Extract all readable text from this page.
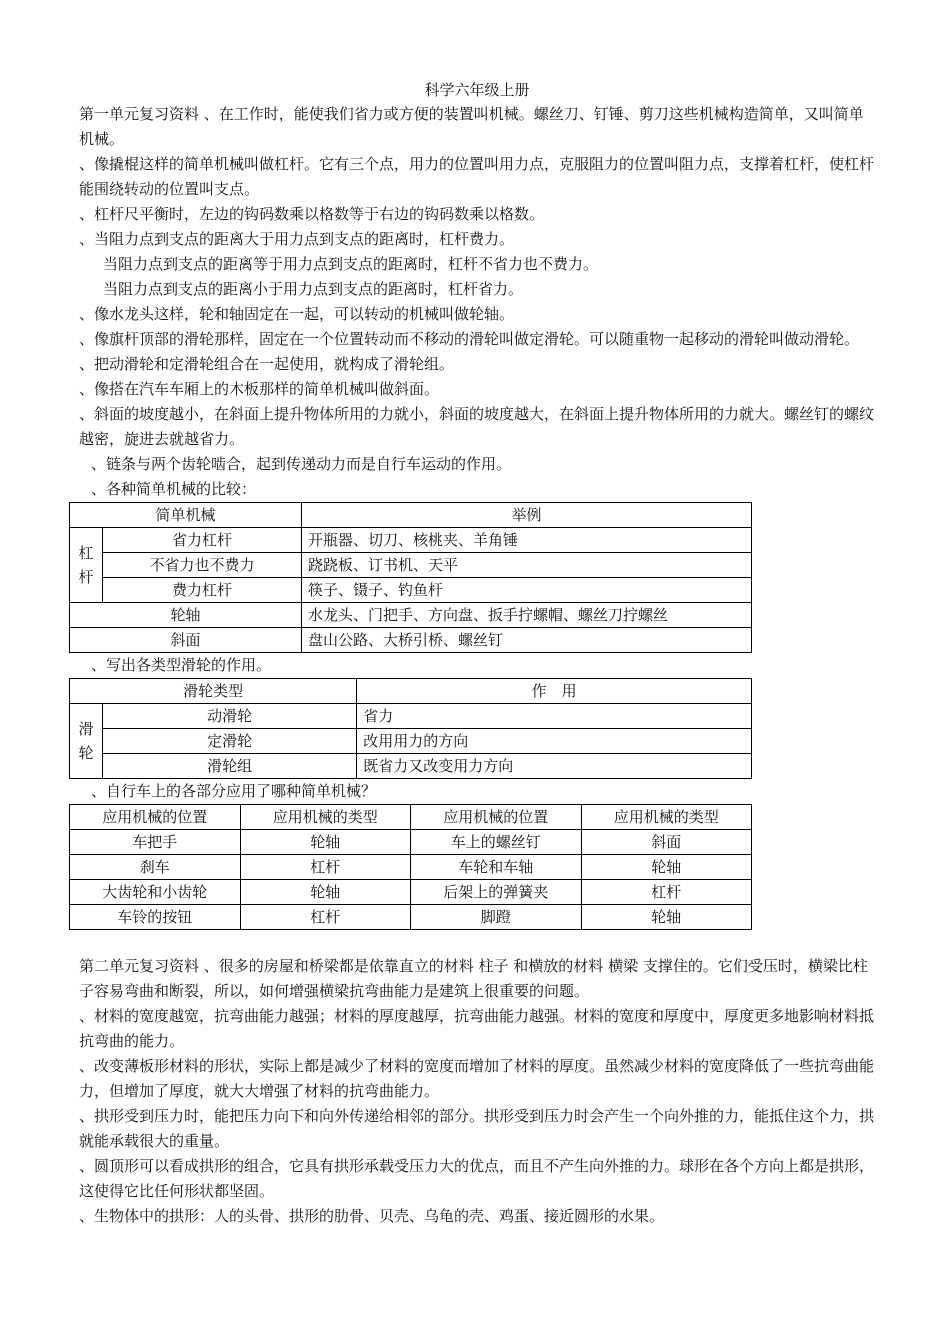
科学六年级上册

第一单元复习资料 、在工作时，能使我们省力或方便的装置叫机械。螺丝刀、钉锤、剪刀这些机械构造简单，又叫简单机械。

、像撬棍这样的简单机械叫做杠杆。它有三个点，用力的位置叫用力点，克服阻力的位置叫阻力点，支撑着杠杆，使杠杆能围绕转动的位置叫支点。

、杠杆尺平衡时，左边的钩码数乘以格数等于右边的钩码数乘以格数。

、当阻力点到支点的距离大于用力点到支点的距离时，杠杆费力。

当阻力点到支点的距离等于用力点到支点的距离时，杠杆不省力也不费力。

当阻力点到支点的距离小于用力点到支点的距离时，杠杆省力。

、像水龙头这样，轮和轴固定在一起，可以转动的机械叫做轮轴。

、像旗杆顶部的滑轮那样，固定在一个位置转动而不移动的滑轮叫做定滑轮。可以随重物一起移动的滑轮叫做动滑轮。

、把动滑轮和定滑轮组合在一起使用，就构成了滑轮组。

、像搭在汽车车厢上的木板那样的简单机械叫做斜面。

、斜面的坡度越小，在斜面上提升物体所用的力就小，斜面的坡度越大，在斜面上提升物体所用的力就大。螺丝钉的螺纹越密，旋进去就越省力。

、链条与两个齿轮啮合，起到传递动力而是自行车运动的作用。

、各种简单机械的比较：

简单机械		举例
杠
杆	省力杠杆	开瓶器、切刀、核桃夹、羊角锤
	不省力也不费力	跷跷板、订书机、天平
	费力杠杆	筷子、镊子、钓鱼杆
轮轴		水龙头、门把手、方向盘、扳手拧螺帽、螺丝刀拧螺丝
斜面		盘山公路、大桥引桥、螺丝钉

、写出各类型滑轮的作用。

滑轮类型		作　用
滑
轮	动滑轮	省力
	定滑轮	改用用力的方向
	滑轮组	既省力又改变用力方向

、自行车上的各部分应用了哪种简单机械？

应用机械的位置	应用机械的类型	应用机械的位置	应用机械的类型
车把手	轮轴	车上的螺丝钉	斜面
刹车	杠杆	车轮和车轴	轮轴
大齿轮和小齿轮	轮轴	后架上的弹簧夹	杠杆
车铃的按钮	杠杆	脚蹬	轮轴

第二单元复习资料 、很多的房屋和桥梁都是依靠直立的材料 柱子 和横放的材料 横梁 支撑住的。它们受压时，横梁比柱子容易弯曲和断裂，所以，如何增强横梁抗弯曲能力是建筑上很重要的问题。

、材料的宽度越宽，抗弯曲能力越强；材料的厚度越厚，抗弯曲能力越强。材料的宽度和厚度中，厚度更多地影响材料抵抗弯曲的能力。

、改变薄板形材料的形状，实际上都是减少了材料的宽度而增加了材料的厚度。虽然减少材料的宽度降低了一些抗弯曲能力，但增加了厚度，就大大增强了材料的抗弯曲能力。

、拱形受到压力时，能把压力向下和向外传递给相邻的部分。拱形受到压力时会产生一个向外推的力，能抵住这个力，拱就能承载很大的重量。

、圆顶形可以看成拱形的组合，它具有拱形承载受压力大的优点，而且不产生向外推的力。球形在各个方向上都是拱形，这使得它比任何形状都坚固。

、生物体中的拱形：人的头骨、拱形的肋骨、贝壳、乌龟的壳、鸡蛋、接近圆形的水果。
